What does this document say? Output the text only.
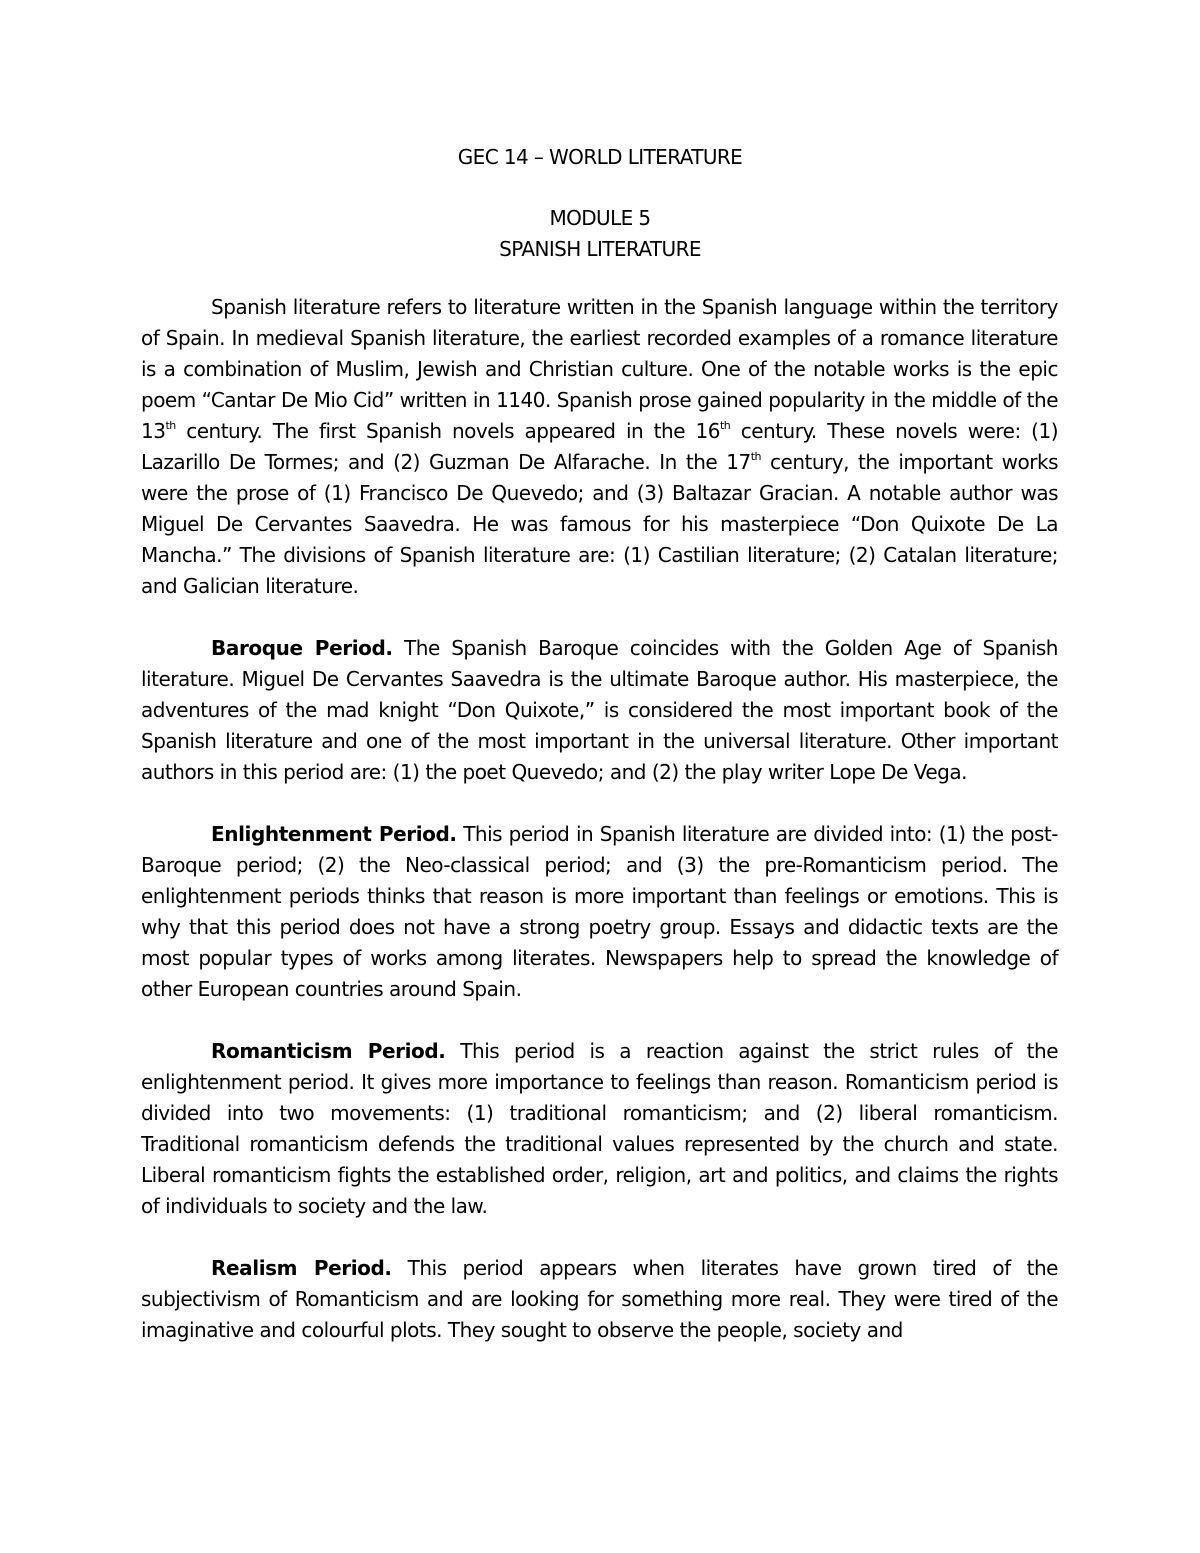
GEC 14 – WORLD LITERATURE
MODULE 5
SPANISH LITERATURE

Spanish literature refers to literature written in the Spanish language within the territory of Spain. In medieval Spanish literature, the earliest recorded examples of a romance literature is a combination of Muslim, Jewish and Christian culture. One of the notable works is the epic poem “Cantar De Mio Cid” written in 1140. Spanish prose gained popularity in the middle of the 13th century. The first Spanish novels appeared in the 16th century. These novels were: (1) Lazarillo De Tormes; and (2) Guzman De Alfarache. In the 17th century, the important works were the prose of (1) Francisco De Quevedo; and (3) Baltazar Gracian. A notable author was Miguel De Cervantes Saavedra. He was famous for his masterpiece “Don Quixote De La Mancha.” The divisions of Spanish literature are: (1) Castilian literature; (2) Catalan literature; and Galician literature.

Baroque Period. The Spanish Baroque coincides with the Golden Age of Spanish literature. Miguel De Cervantes Saavedra is the ultimate Baroque author. His masterpiece, the adventures of the mad knight “Don Quixote,” is considered the most important book of the Spanish literature and one of the most important in the universal literature. Other important authors in this period are: (1) the poet Quevedo; and (2) the play writer Lope De Vega.

Enlightenment Period. This period in Spanish literature are divided into: (1) the post-Baroque period; (2) the Neo-classical period; and (3) the pre-Romanticism period. The enlightenment periods thinks that reason is more important than feelings or emotions. This is why that this period does not have a strong poetry group. Essays and didactic texts are the most popular types of works among literates. Newspapers help to spread the knowledge of other European countries around Spain.

Romanticism Period. This period is a reaction against the strict rules of the enlightenment period. It gives more importance to feelings than reason. Romanticism period is divided into two movements: (1) traditional romanticism; and (2) liberal romanticism. Traditional romanticism defends the traditional values represented by the church and state. Liberal romanticism fights the established order, religion, art and politics, and claims the rights of individuals to society and the law.

Realism Period. This period appears when literates have grown tired of the subjectivism of Romanticism and are looking for something more real. They were tired of the imaginative and colourful plots. They sought to observe the people, society and
